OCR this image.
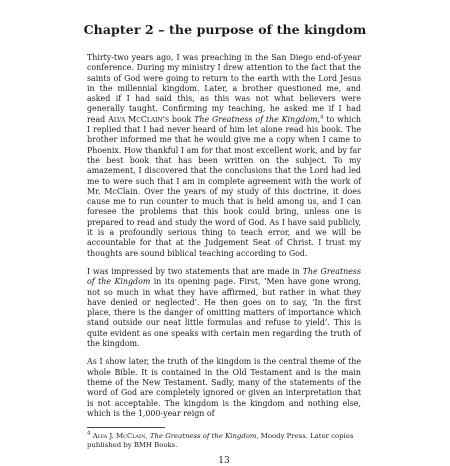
Chapter 2 – the purpose of the kingdom

Thirty-two years ago, I was preaching in the San Diego end-of-year conference. During my ministry I drew attention to the fact that the saints of God were going to return to the earth with the Lord Jesus in the millennial kingdom. Later, a brother questioned me, and asked if I had said this, as this was not what believers were generally taught. Confirming my teaching, he asked me if I had read Alva McClain's book The Greatness of the Kingdom,$^4$ to which I replied that I had never heard of him let alone read his book. The brother informed me that he would give me a copy when I came to Phoenix. How thankful I am for that most excellent work, and by far the best book that has been written on the subject. To my amazement, I discovered that the conclusions that the Lord had led me to were such that I am in complete agreement with the work of Mr. McClain. Over the years of my study of this doctrine, it does cause me to run counter to much that is held among us, and I can foresee the problems that this book could bring, unless one is prepared to read and study the word of God. As I have said publicly, it is a profoundly serious thing to teach error, and we will be accountable for that at the Judgement Seat of Christ. I trust my thoughts are sound biblical teaching according to God.

I was impressed by two statements that are made in The Greatness of the Kingdom in its opening page. First, ‘Men have gone wrong, not so much in what they have affirmed, but rather in what they have denied or neglected’. He then goes on to say, ‘In the first place, there is the danger of omitting matters of importance which stand outside our neat little formulas and refuse to yield’. This is quite evident as one speaks with certain men regarding the truth of the kingdom.

As I show later, the truth of the kingdom is the central theme of the whole Bible. It is contained in the Old Testament and is the main theme of the New Testament. Sadly, many of the statements of the word of God are completely ignored or given an interpretation that is not acceptable. The kingdom is the kingdom and nothing else, which is the 1,000-year reign of

$^4$ Alva J. McClain, The Greatness of the Kingdom, Moody Press. Later copies published by BMH Books.
13
